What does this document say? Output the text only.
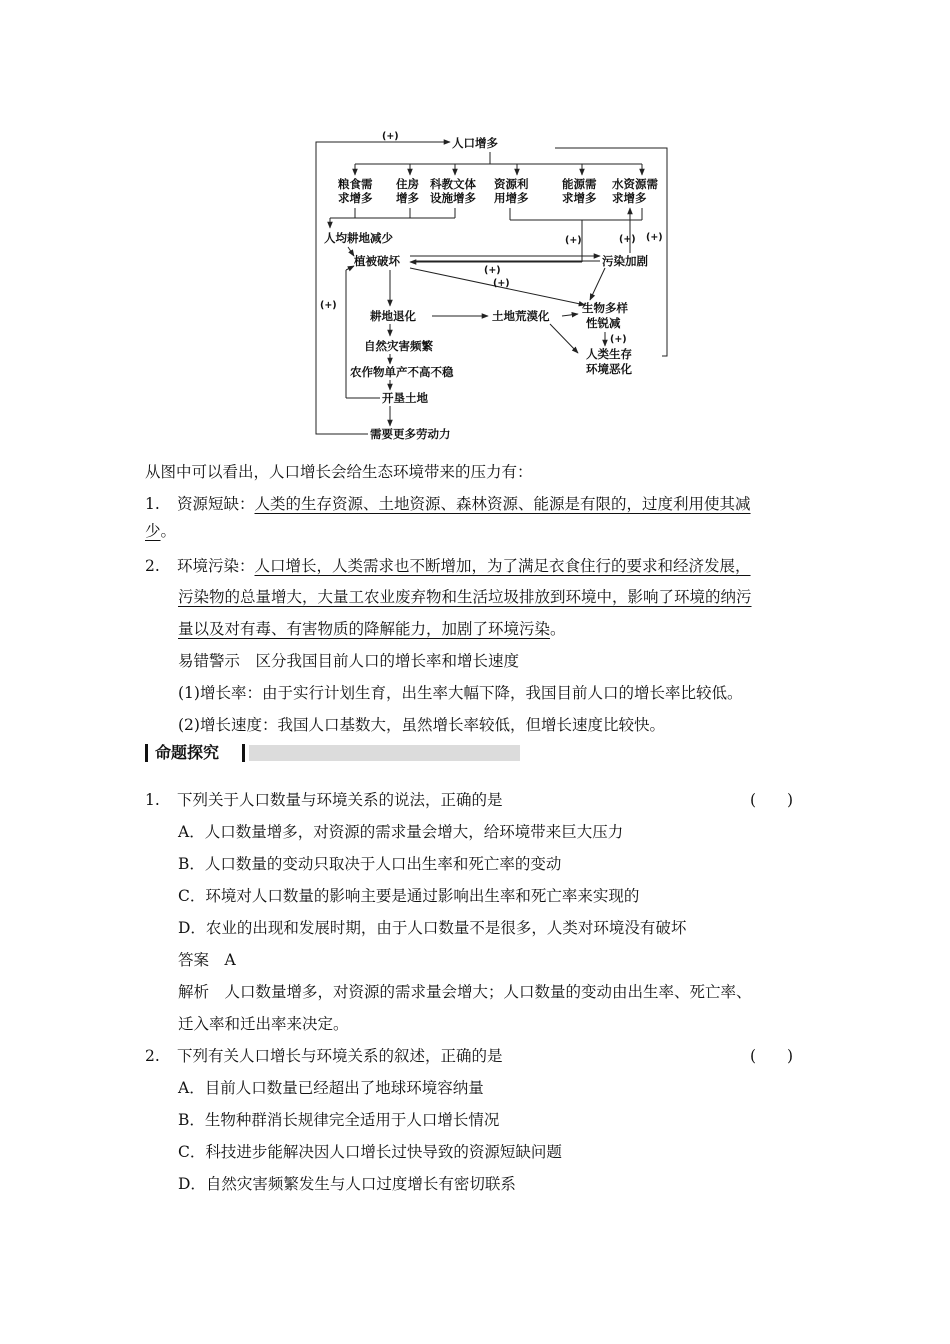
人口增多
(+)
粮食需
求增多
住房
增多
科教文体
设施增多
资源利
用增多
能源需
求增多
水资源需
求增多
(+)
人均耕地减少
植被破坏	污染加剧
(+) (+)
(+)
(+)
耕地退化	土地荒漠化
生物多样
性锐减
(+)
自然灾害频繁
农作物单产不高不稳
开垦土地
(+)
需要更多劳动力
人类生存
环境恶化
从图中可以看出，人口增长会给生态环境带来的压力有：
1. 资源短缺：人类的生存资源、土地资源、森林资源、能源是有限的，过度利用使其减
少。
2. 环境污染：人口增长，人类需求也不断增加，为了满足衣食住行的要求和经济发展，
污染物的总量增大，大量工农业废弃物和生活垃圾排放到环境中，影响了环境的纳污
量以及对有毒、有害物质的降解能力，加剧了环境污染。
易错警示　区分我国目前人口的增长率和增长速度
(1)增长率：由于实行计划生育，出生率大幅下降，我国目前人口的增长率比较低。
(2)增长速度：我国人口基数大，虽然增长率较低，但增长速度比较快。
命题探究
1. 下列关于人口数量与环境关系的说法，正确的是	(　　)
A．人口数量增多，对资源的需求量会增大，给环境带来巨大压力
B．人口数量的变动只取决于人口出生率和死亡率的变动
C．环境对人口数量的影响主要是通过影响出生率和死亡率来实现的
D．农业的出现和发展时期，由于人口数量不是很多，人类对环境没有破坏
答案　A
解析　人口数量增多，对资源的需求量会增大；人口数量的变动由出生率、死亡率、
迁入率和迁出率来决定。
2. 下列有关人口增长与环境关系的叙述，正确的是	(　　)
A．目前人口数量已经超出了地球环境容纳量
B．生物种群消长规律完全适用于人口增长情况
C．科技进步能解决因人口增长过快导致的资源短缺问题
D．自然灾害频繁发生与人口过度增长有密切联系
